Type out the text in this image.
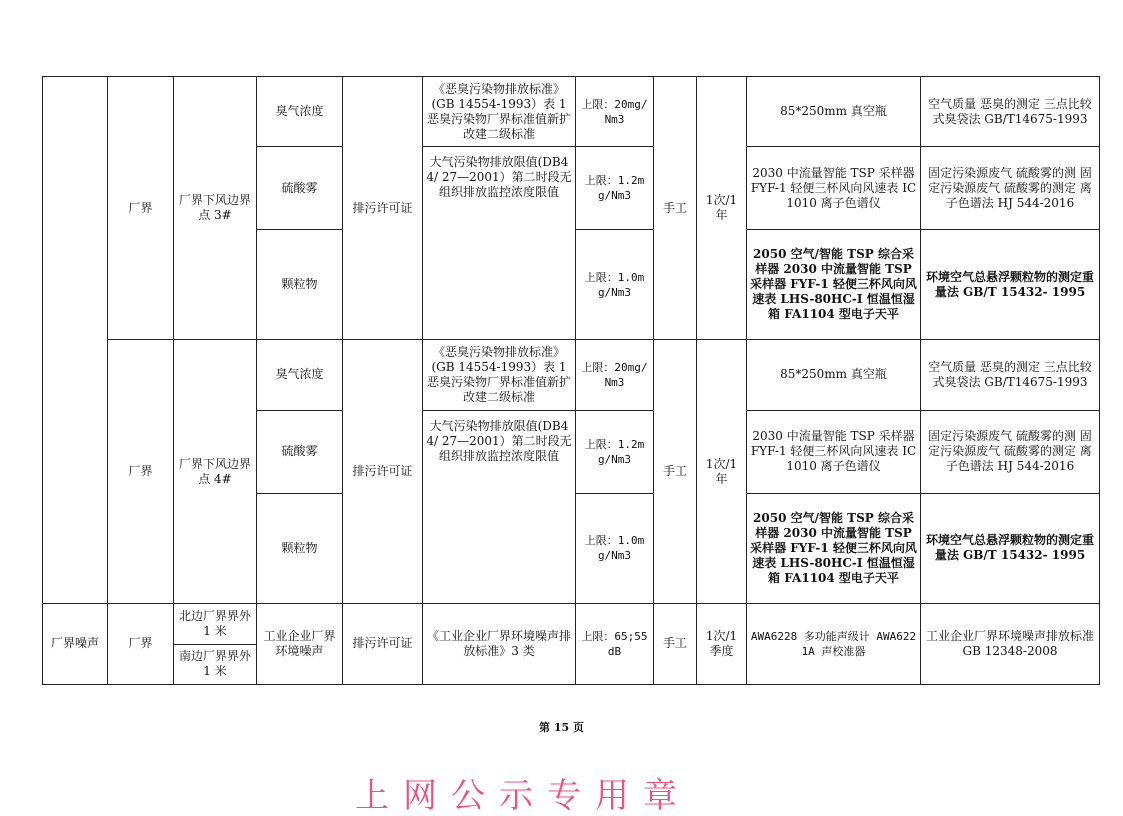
	厂界	厂界下风边界点 3#	臭气浓度	排污许可证	《恶臭污染物排放标准》(GB 14554-1993）表 1 恶臭污染物厂界标准值新扩改建二级标准	上限：20mg/Nm3	手工	1次/1年	85*250mm 真空瓶	空气质量 恶臭的测定 三点比较式臭袋法 GB/T14675-1993
			硫酸雾		大气污染物排放限值(DB44/ 27—2001）第二时段无组织排放监控浓度限值	上限：1.2mg/Nm3			2030 中流量智能 TSP 采样器 FYF-1 轻便三杯风向风速表 IC1010 离子色谱仪	固定污染源废气 硫酸雾的测 固定污染源废气 硫酸雾的测定 离子色谱法 HJ 544-2016
			颗粒物			上限：1.0mg/Nm3			2050 空气/智能 TSP 综合采样器 2030 中流量智能 TSP 采样器 FYF-1 轻便三杯风向风速表 LHS-80HC-I 恒温恒湿箱 FA1104 型电子天平	环境空气总悬浮颗粒物的测定重量法 GB/T 15432- 1995
	厂界	厂界下风边界点 4#	臭气浓度	排污许可证	《恶臭污染物排放标准》(GB 14554-1993）表 1 恶臭污染物厂界标准值新扩改建二级标准	上限：20mg/Nm3	手工	1次/1年	85*250mm 真空瓶	空气质量 恶臭的测定 三点比较式臭袋法 GB/T14675-1993
			硫酸雾		大气污染物排放限值(DB44/ 27—2001）第二时段无组织排放监控浓度限值	上限：1.2mg/Nm3			2030 中流量智能 TSP 采样器 FYF-1 轻便三杯风向风速表 IC1010 离子色谱仪	固定污染源废气 硫酸雾的测 固定污染源废气 硫酸雾的测定 离子色谱法 HJ 544-2016
			颗粒物			上限：1.0mg/Nm3			2050 空气/智能 TSP 综合采样器 2030 中流量智能 TSP 采样器 FYF-1 轻便三杯风向风速表 LHS-80HC-I 恒温恒湿箱 FA1104 型电子天平	环境空气总悬浮颗粒物的测定重量法 GB/T 15432- 1995
厂界噪声	厂界	北边厂界界外 1 米	工业企业厂界环境噪声	排污许可证	《工业企业厂界环境噪声排放标准》3 类	上限：65;55dB	手工	1次/1季度	AWA6228 多功能声级计 AWA6221A 声校准器	工业企业厂界环境噪声排放标准 GB 12348-2008
		南边厂界界外 1 米								
第 15 页
上网公示专用章
